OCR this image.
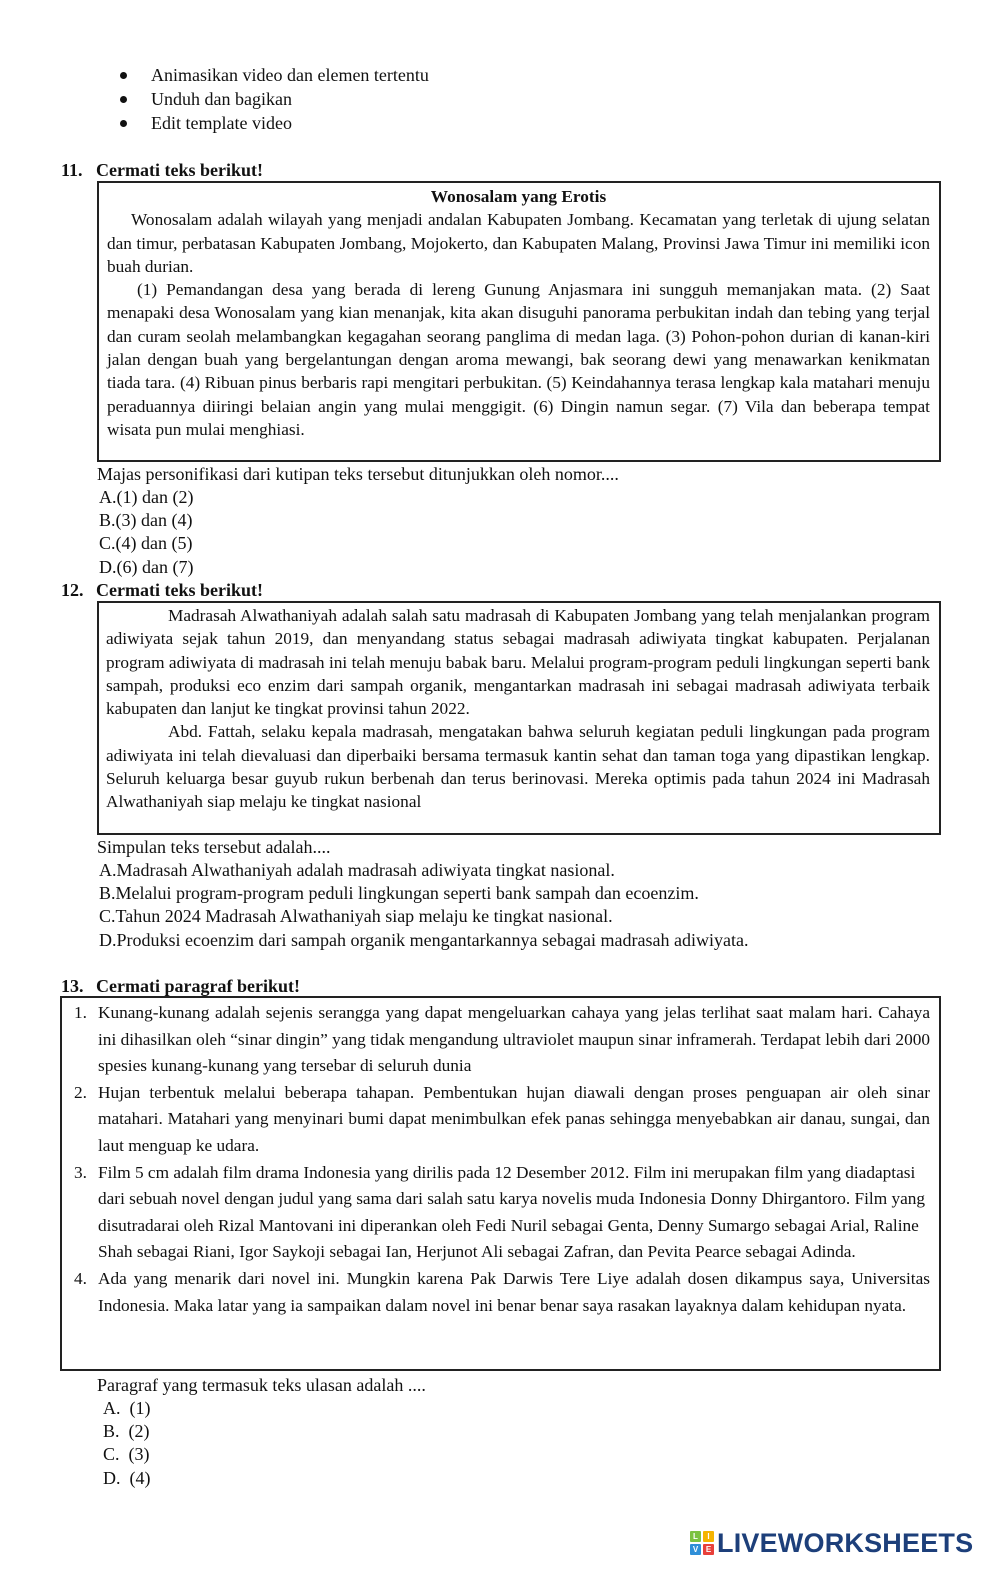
Animasikan video dan elemen tertentu
Unduh dan bagikan
Edit template video
11. Cermati teks berikut!

Wonosalam yang Erotis

Wonosalam adalah wilayah yang menjadi andalan Kabupaten Jombang. Kecamatan yang terletak di ujung selatan dan timur, perbatasan Kabupaten Jombang, Mojokerto, dan Kabupaten Malang, Provinsi Jawa Timur ini memiliki icon buah durian.

(1) Pemandangan desa yang berada di lereng Gunung Anjasmara ini sungguh memanjakan mata. (2) Saat menapaki desa Wonosalam yang kian menanjak, kita akan disuguhi panorama perbukitan indah dan tebing yang terjal dan curam seolah melambangkan kegagahan seorang panglima di medan laga. (3) Pohon-pohon durian di kanan-kiri jalan dengan buah yang bergelantungan dengan aroma mewangi, bak seorang dewi yang menawarkan kenikmatan tiada tara. (4) Ribuan pinus berbaris rapi mengitari perbukitan. (5) Keindahannya terasa lengkap kala matahari menuju peraduannya diiringi belaian angin yang mulai menggigit. (6) Dingin namun segar. (7) Vila dan beberapa tempat wisata pun mulai menghiasi.

Majas personifikasi dari kutipan teks tersebut ditunjukkan oleh nomor....
A.(1) dan (2)
B.(3) dan (4)
C.(4) dan (5)
D.(6) dan (7)
12. Cermati teks berikut!

Madrasah Alwathaniyah adalah salah satu madrasah di Kabupaten Jombang yang telah menjalankan program adiwiyata sejak tahun 2019, dan menyandang status sebagai madrasah adiwiyata tingkat kabupaten. Perjalanan program adiwiyata di madrasah ini telah menuju babak baru. Melalui program-program peduli lingkungan seperti bank sampah, produksi eco enzim dari sampah organik, mengantarkan madrasah ini sebagai madrasah adiwiyata terbaik kabupaten dan lanjut ke tingkat provinsi tahun 2022.

Abd. Fattah, selaku kepala madrasah, mengatakan bahwa seluruh kegiatan peduli lingkungan pada program adiwiyata ini telah dievaluasi dan diperbaiki bersama termasuk kantin sehat dan taman toga yang dipastikan lengkap. Seluruh keluarga besar guyub rukun berbenah dan terus berinovasi. Mereka optimis pada tahun 2024 ini Madrasah Alwathaniyah siap melaju ke tingkat nasional

Simpulan teks tersebut adalah....
A.Madrasah Alwathaniyah adalah madrasah adiwiyata tingkat nasional.
B.Melalui program-program peduli lingkungan seperti bank sampah dan ecoenzim.
C.Tahun 2024 Madrasah Alwathaniyah siap melaju ke tingkat nasional.
D.Produksi ecoenzim dari sampah organik mengantarkannya sebagai madrasah adiwiyata.
13. Cermati paragraf berikut!
1. Kunang-kunang adalah sejenis serangga yang dapat mengeluarkan cahaya yang jelas terlihat saat malam hari. Cahaya ini dihasilkan oleh “sinar dingin” yang tidak mengandung ultraviolet maupun sinar inframerah. Terdapat lebih dari 2000 spesies kunang-kunang yang tersebar di seluruh dunia
2. Hujan terbentuk melalui beberapa tahapan. Pembentukan hujan diawali dengan proses penguapan air oleh sinar matahari. Matahari yang menyinari bumi dapat menimbulkan efek panas sehingga menyebabkan air danau, sungai, dan laut menguap ke udara.
3. Film 5 cm adalah film drama Indonesia yang dirilis pada 12 Desember 2012. Film ini merupakan film yang diadaptasi dari sebuah novel dengan judul yang sama dari salah satu karya novelis muda Indonesia Donny Dhirgantoro. Film yang disutradarai oleh Rizal Mantovani ini diperankan oleh Fedi Nuril sebagai Genta, Denny Sumargo sebagai Arial, Raline Shah sebagai Riani, Igor Saykoji sebagai Ian, Herjunot Ali sebagai Zafran, dan Pevita Pearce sebagai Adinda.
4. Ada yang menarik dari novel ini. Mungkin karena Pak Darwis Tere Liye adalah dosen dikampus saya, Universitas Indonesia. Maka latar yang ia sampaikan dalam novel ini benar benar saya rasakan layaknya dalam kehidupan nyata.
Paragraf yang termasuk teks ulasan adalah ....
A. (1)
B. (2)
C. (3)
D. (4)
L	I
V E LIVEWORKSHEETS
